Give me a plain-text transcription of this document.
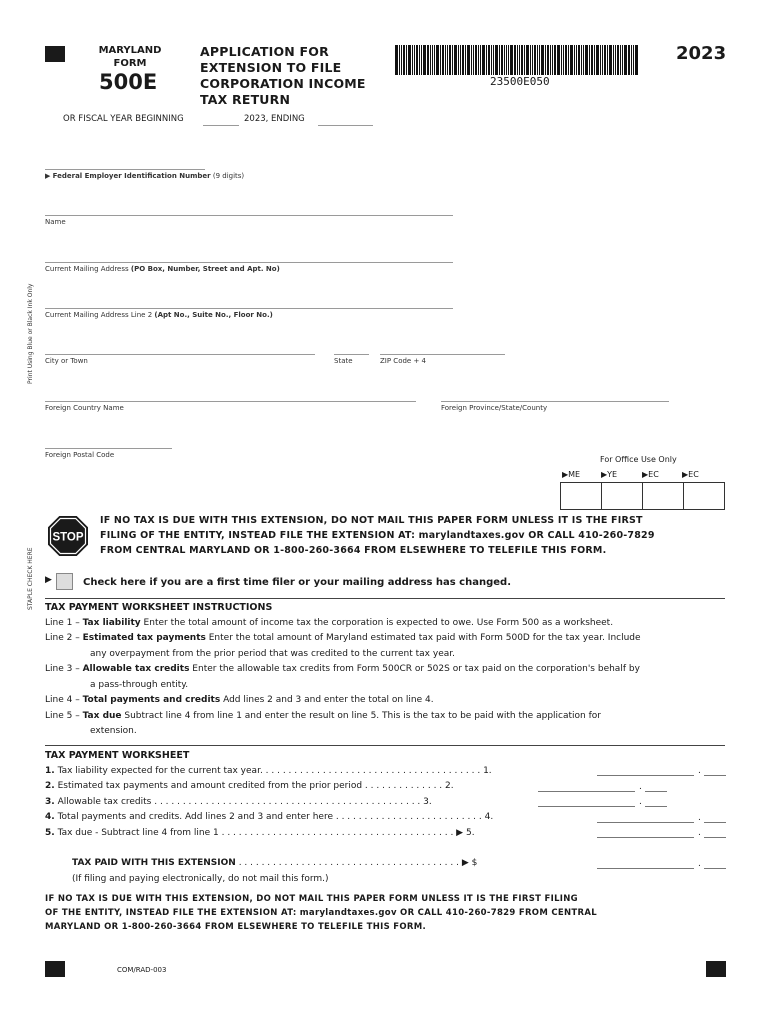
MARYLAND
FORM
500E
APPLICATION FOR
EXTENSION TO FILE
CORPORATION INCOME
TAX RETURN
23500E050
2023
OR FISCAL YEAR BEGINNING	2023, ENDING
Print Using Blue or Black Ink Only
STAPLE CHECK HERE
▶ Federal Employer Identification Number (9 digits)
Name
Current Mailing Address (PO Box, Number, Street and Apt. No)
Current Mailing Address Line 2 (Apt No., Suite No., Floor No.)
City or Town	State	ZIP Code + 4
Foreign Country Name	Foreign Province/State/County
Foreign Postal Code	For Office Use Only
▶ME	▶YE	▶EC	▶EC

STOP
IF NO TAX IS DUE WITH THIS EXTENSION, DO NOT MAIL THIS PAPER FORM UNLESS IT IS THE FIRST
FILING OF THE ENTITY, INSTEAD FILE THE EXTENSION AT: marylandtaxes.gov OR CALL 410-260-7829
FROM CENTRAL MARYLAND OR 1-800-260-3664 FROM ELSEWHERE TO TELEFILE THIS FORM.
▶	Check here if you are a first time filer or your mailing address has changed.
TAX PAYMENT WORKSHEET INSTRUCTIONS
Line 1 – Tax liability Enter the total amount of income tax the corporation is expected to owe. Use Form 500 as a worksheet.
Line 2 – Estimated tax payments Enter the total amount of Maryland estimated tax paid with Form 500D for the tax year. Include
any overpayment from the prior period that was credited to the current tax year.
Line 3 – Allowable tax credits Enter the allowable tax credits from Form 500CR or 502S or tax paid on the corporation's behalf by
a pass-through entity.
Line 4 – Total payments and credits Add lines 2 and 3 and enter the total on line 4.
Line 5 – Tax due Subtract line 4 from line 1 and enter the result on line 5. This is the tax to be paid with the application for
extension.
TAX PAYMENT WORKSHEET
1. Tax liability expected for the current tax year. . . . . . . . . . . . . . . . . . . . . . . . . . . . . . . . . . . . . . . 1.
2. Estimated tax payments and amount credited from the prior period . . . . . . . . . . . . . . 2.
3. Allowable tax credits . . . . . . . . . . . . . . . . . . . . . . . . . . . . . . . . . . . . . . . . . . . . . . . 3.
4. Total payments and credits. Add lines 2 and 3 and enter here . . . . . . . . . . . . . . . . . . . . . . . . . . 4.
5. Tax due - Subtract line 4 from line 1 . . . . . . . . . . . . . . . . . . . . . . . . . . . . . . . . . . . . . . . . . ▶ 5.
.
.
.
.
.
TAX PAID WITH THIS EXTENSION . . . . . . . . . . . . . . . . . . . . . . . . . . . . . . . . . . . . . . . ▶ $
(If filing and paying electronically, do not mail this form.)
.
IF NO TAX IS DUE WITH THIS EXTENSION, DO NOT MAIL THIS PAPER FORM UNLESS IT IS THE FIRST FILING
OF THE ENTITY, INSTEAD FILE THE EXTENSION AT: marylandtaxes.gov OR CALL 410-260-7829 FROM CENTRAL
MARYLAND OR 1-800-260-3664 FROM ELSEWHERE TO TELEFILE THIS FORM.
COM/RAD-003
